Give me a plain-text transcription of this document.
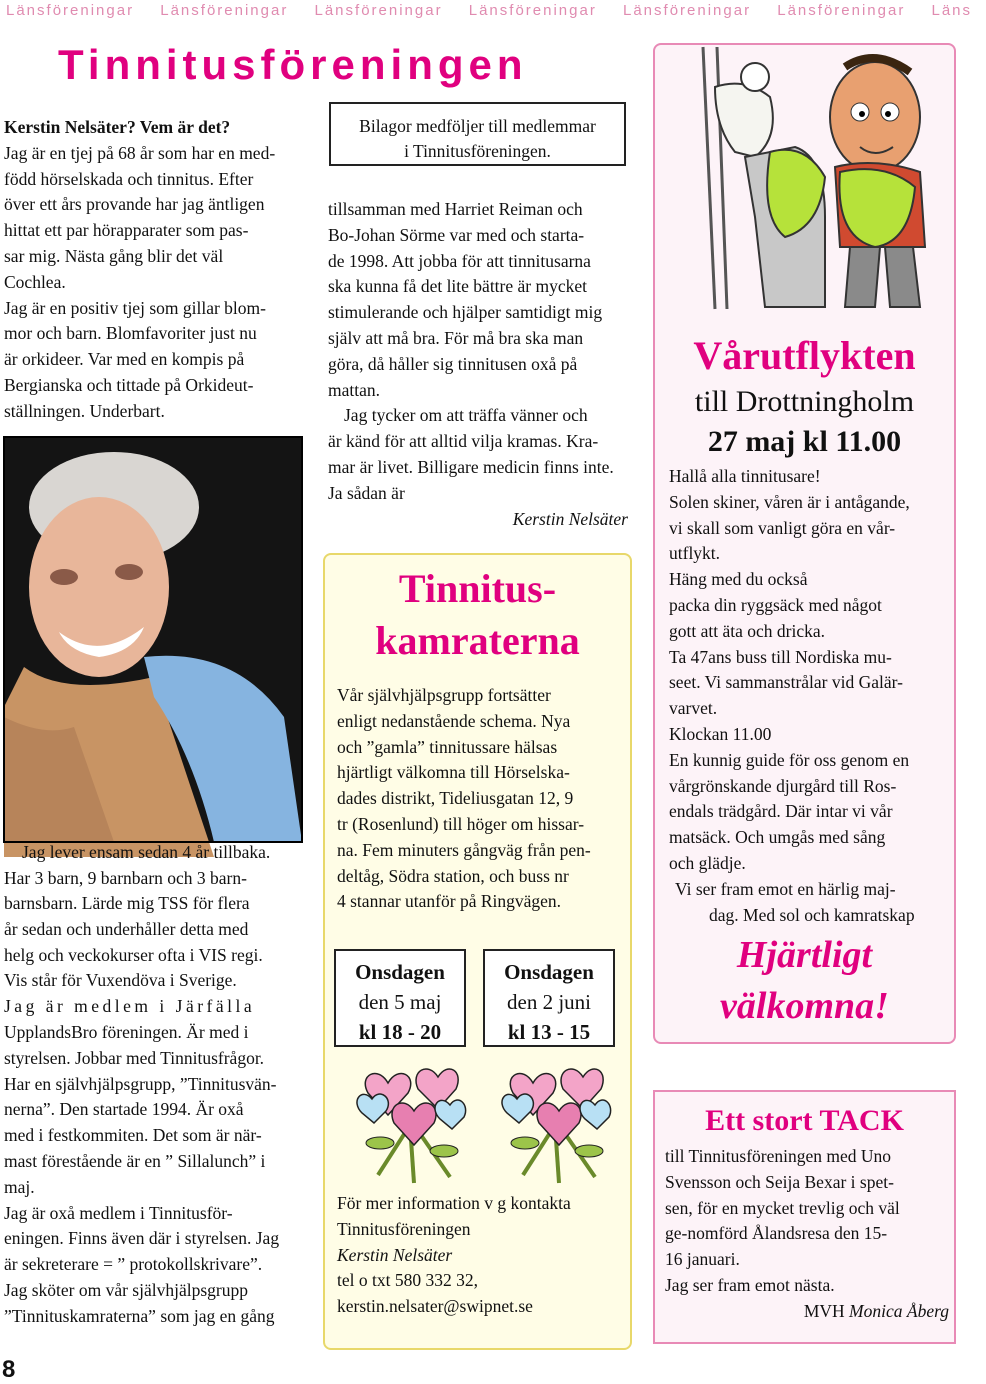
Länsföreningar Länsföreningar Länsföreningar Länsföreningar Länsföreningar Länsföreningar Läns
Tinnitusföreningen

Kerstin Nelsäter? Vem är det?

Jag är en tjej på 68 år som har en med-

född hörselskada och tinnitus. Efter

över ett års provande har jag äntligen

hittat ett par hörapparater som pas-

sar mig. Nästa gång blir det väl

Cochlea.

Jag är en positiv tjej som gillar blom-

mor och barn. Blomfavoriter just nu

är orkideer. Var med en kompis på

Bergianska och tittade på Orkideut-

ställningen. Underbart.

Jag lever ensam sedan 4 år tillbaka.

Har 3 barn, 9 barnbarn och 3 barn-

barnsbarn. Lärde mig TSS för flera

år sedan och underhåller detta med

helg och veckokurser ofta i VIS regi.

Vis står för Vuxendöva i Sverige.

Jag är medlem i Järfälla

UpplandsBro föreningen. Är med i

styrelsen. Jobbar med Tinnitusfrågor.

Har en självhjälpsgrupp, ”Tinnitusvän-

nerna”. Den startade 1994. Är oxå

med i festkommiten. Det som är när-

mast förestående är en ” Sillalunch” i

maj.

Jag är oxå medlem i Tinnitusför-

eningen. Finns även där i styrelsen. Jag

är sekreterare = ” protokollskrivare”.

Jag sköter om vår självhjälpsgrupp

”Tinnituskamraterna” som jag en gång

8
Bilagor medföljer till medlemmar
i Tinnitusföreningen.

tillsamman med Harriet Reiman och

Bo-Johan Sörme var med och starta-

de 1998. Att jobba för att tinnitusarna

ska kunna få det lite bättre är mycket

stimulerande och hjälper samtidigt mig

själv att må bra. För må bra ska man

göra, då håller sig tinnitusen oxå på

mattan.

Jag tycker om att träffa vänner och

är känd för att alltid vilja kramas. Kra-

mar är livet. Billigare medicin finns inte.

Ja sådan är

Kerstin Nelsäter

Tinnitus-
kamraterna

Vår självhjälpsgrupp fortsätter

enligt nedanstående schema. Nya

och ”gamla” tinnitussare hälsas

hjärtligt välkomna till Hörselska-

dades distrikt, Tideliusgatan 12, 9

tr (Rosenlund) till höger om hissar-

na. Fem minuters gångväg från pen-

deltåg, Södra station, och buss nr

4 stannar utanför på Ringvägen.

Onsdagen
den 5 maj
kl 18 - 20
Onsdagen
den 2 juni
kl 13 - 15

För mer information v g kontakta

Tinnitusföreningen

Kerstin Nelsäter

tel o txt 580 332 32,

kerstin.nelsater@swipnet.se

Vårutflykten
till Drottningholm
27 maj kl 11.00

Hallå alla tinnitusare!

Solen skiner, våren är i antågande,

vi skall som vanligt göra en vår-

utflykt.

Häng med du också

packa din ryggsäck med något

gott att äta och dricka.

Ta 47ans buss till Nordiska mu-

seet. Vi sammanstrålar vid Galär-

varvet.

Klockan 11.00

En kunnig guide för oss genom en

vårgrönskande djurgård till Ros-

endals trädgård. Där intar vi vår

matsäck. Och umgås med sång

och glädje.

Vi ser fram emot en härlig maj-

dag. Med sol och kamratskap

Hjärtligt
välkomna!
Ett stort TACK

till Tinnitusföreningen med Uno

Svensson och Seija Bexar i spet-

sen, för en mycket trevlig och väl

ge-nomförd Ålandsresa den 15-

16 januari.

Jag ser fram emot nästa.

MVH Monica Åberg
